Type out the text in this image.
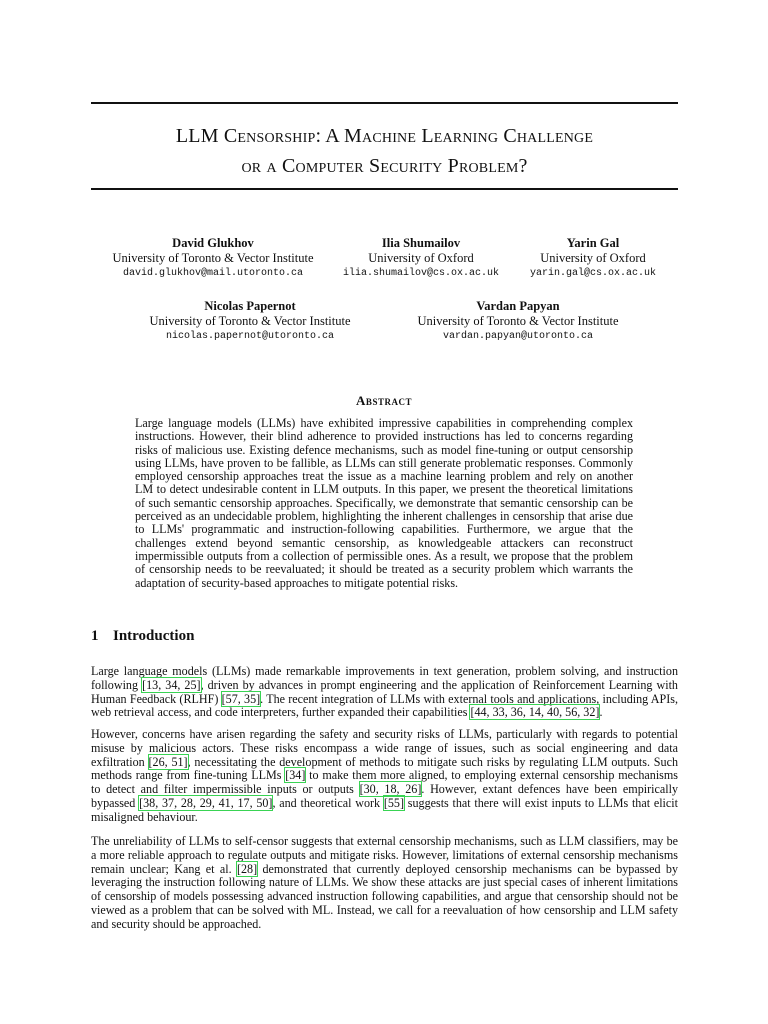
LLM Censorship: A Machine Learning Challenge
or a Computer Security Problem?
David Glukhov
University of Toronto & Vector Institute
david.glukhov@mail.utoronto.ca
Ilia Shumailov
University of Oxford
ilia.shumailov@cs.ox.ac.uk
Yarin Gal
University of Oxford
yarin.gal@cs.ox.ac.uk
Nicolas Papernot
University of Toronto & Vector Institute
nicolas.papernot@utoronto.ca
Vardan Papyan
University of Toronto & Vector Institute
vardan.papyan@utoronto.ca
Abstract
Large language models (LLMs) have exhibited impressive capabilities in comprehending complex instructions. However, their blind adherence to provided instructions has led to concerns regarding risks of malicious use. Existing defence mechanisms, such as model fine-tuning or output censorship using LLMs, have proven to be fallible, as LLMs can still generate problematic responses. Commonly employed censorship approaches treat the issue as a machine learning problem and rely on another LM to detect undesirable content in LLM outputs. In this paper, we present the theoretical limitations of such semantic censorship approaches. Specifically, we demonstrate that semantic censorship can be perceived as an undecidable problem, highlighting the inherent challenges in censorship that arise due to LLMs' programmatic and instruction-following capabilities. Furthermore, we argue that the challenges extend beyond semantic censorship, as knowledgeable attackers can reconstruct impermissible outputs from a collection of permissible ones. As a result, we propose that the problem of censorship needs to be reevaluated; it should be treated as a security problem which warrants the adaptation of security-based approaches to mitigate potential risks.
1 Introduction
Large language models (LLMs) made remarkable improvements in text generation, problem solving, and instruction following [13, 34, 25], driven by advances in prompt engineering and the application of Reinforcement Learning with Human Feedback (RLHF) [57, 35]. The recent integration of LLMs with external tools and applications, including APIs, web retrieval access, and code interpreters, further expanded their capabilities [44, 33, 36, 14, 40, 56, 32].
However, concerns have arisen regarding the safety and security risks of LLMs, particularly with regards to potential misuse by malicious actors. These risks encompass a wide range of issues, such as social engineering and data exfiltration [26, 51], necessitating the development of methods to mitigate such risks by regulating LLM outputs. Such methods range from fine-tuning LLMs [34] to make them more aligned, to employing external censorship mechanisms to detect and filter impermissible inputs or outputs [30, 18, 26]. However, extant defences have been empirically bypassed [38, 37, 28, 29, 41, 17, 50], and theoretical work [55] suggests that there will exist inputs to LLMs that elicit misaligned behaviour.
The unreliability of LLMs to self-censor suggests that external censorship mechanisms, such as LLM classifiers, may be a more reliable approach to regulate outputs and mitigate risks. However, limitations of external censorship mechanisms remain unclear; Kang et al. [28] demonstrated that currently deployed censorship mechanisms can be bypassed by leveraging the instruction following nature of LLMs. We show these attacks are just special cases of inherent limitations of censorship of models possessing advanced instruction following capabilities, and argue that censorship should not be viewed as a problem that can be solved with ML. Instead, we call for a reevaluation of how censorship and LLM safety and security should be approached.
